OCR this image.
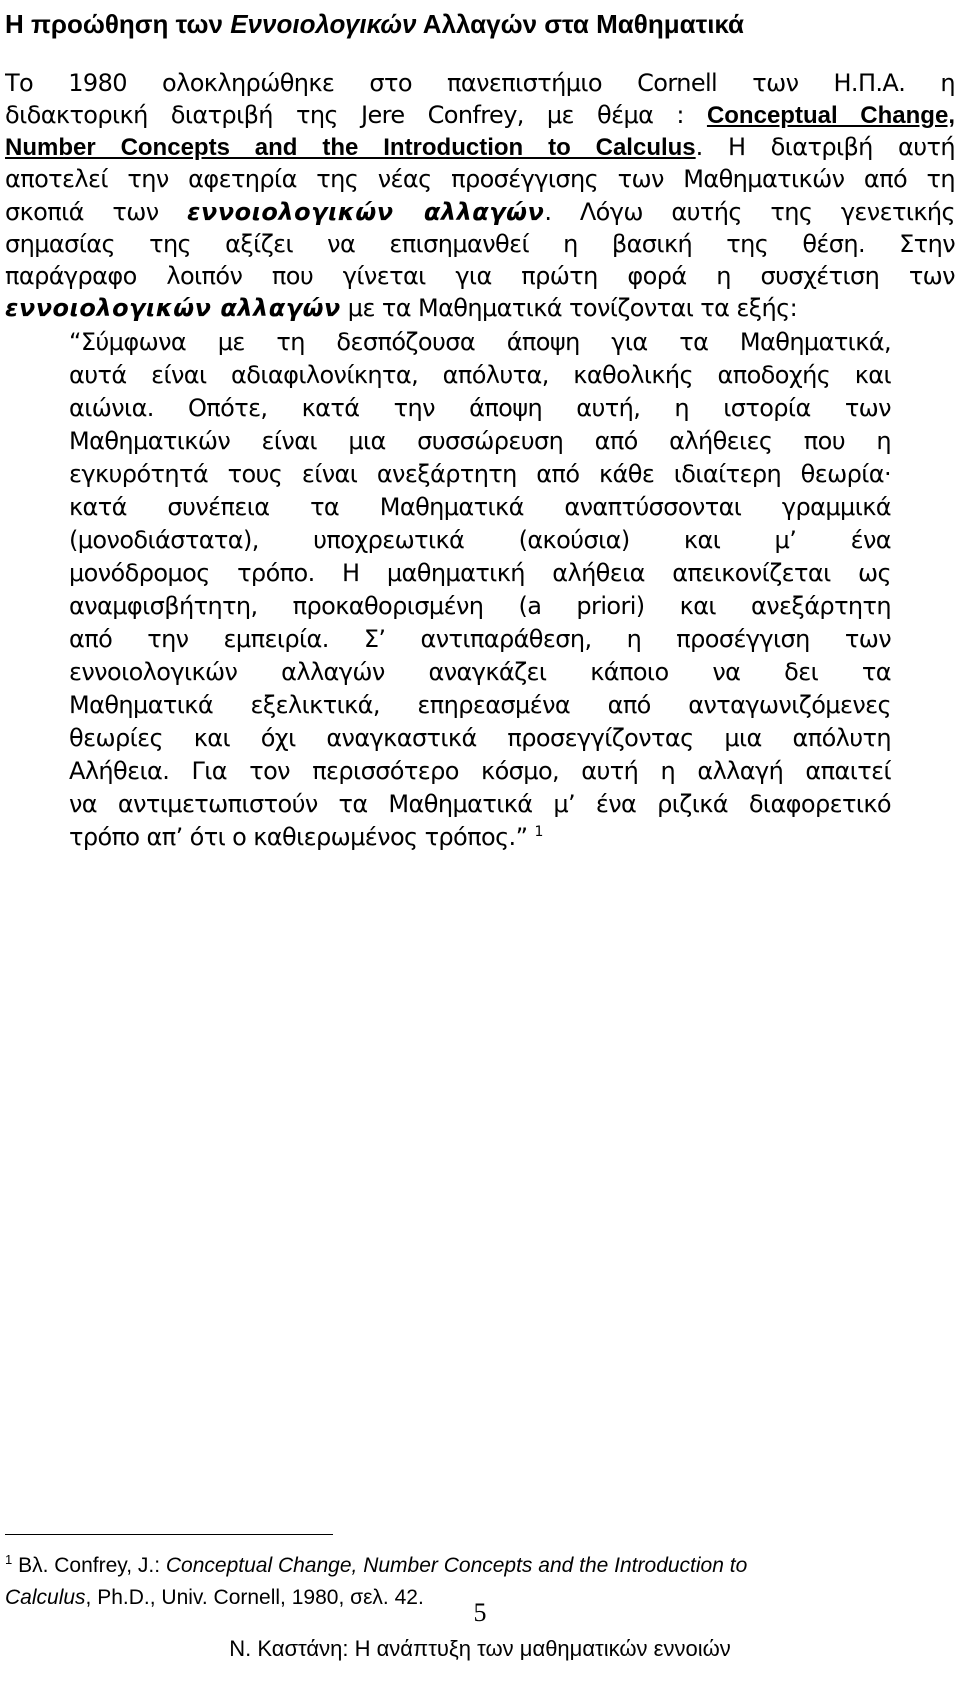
Η προώθηση των Εννοιολογικών Αλλαγών στα Μαθηματικά
Το 1980 ολοκληρώθηκε στο πανεπιστήμιο Cornell των Η.Π.Α. η
διδακτορική διατριβή της Jere Confrey, με θέμα : Conceptual Change,
Number Concepts and the Introduction to Calculus. Η διατριβή αυτή
αποτελεί την αφετηρία της νέας προσέγγισης των Μαθηματικών από τη
σκοπιά των εννοιολογικών αλλαγών. Λόγω αυτής της γενετικής
σημασίας της αξίζει να επισημανθεί η βασική της θέση. Στην
παράγραφο λοιπόν που γίνεται για πρώτη φορά η συσχέτιση των
εννοιολογικών αλλαγών με τα Μαθηματικά τονίζονται τα εξής:
“Σύμφωνα με τη δεσπόζουσα άποψη για τα Μαθηματικά,
αυτά είναι αδιαφιλονίκητα, απόλυτα, καθολικής αποδοχής και
αιώνια. Οπότε, κατά την άποψη αυτή, η ιστορία των
Μαθηματικών είναι μια συσσώρευση από αλήθειες που η
εγκυρότητά τους είναι ανεξάρτητη από κάθε ιδιαίτερη θεωρία·
κατά συνέπεια τα Μαθηματικά αναπτύσσονται γραμμικά
(μονοδιάστατα), υποχρεωτικά (ακούσια) και μ’ ένα
μονόδρομος τρόπο. Η μαθηματική αλήθεια απεικονίζεται ως
αναμφισβήτητη, προκαθορισμένη (a priori) και ανεξάρτητη
από την εμπειρία. Σ’ αντιπαράθεση, η προσέγγιση των
εννοιολογικών αλλαγών αναγκάζει κάποιο να δει τα
Μαθηματικά εξελικτικά, επηρεασμένα από ανταγωνιζόμενες
θεωρίες και όχι αναγκαστικά προσεγγίζοντας μια απόλυτη
Αλήθεια. Για τον περισσότερο κόσμο, αυτή η αλλαγή απαιτεί
να αντιμετωπιστούν τα Μαθηματικά μ’ ένα ριζικά διαφορετικό
τρόπο απ’ ότι ο καθιερωμένος τρόπος.” $^1$
$^1$ Βλ. Confrey, J.: Conceptual Change, Number Concepts and the Introduction to
Calculus, Ph.D., Univ. Cornell, 1980, σελ. 42.
5
Ν. Καστάνη: Η ανάπτυξη των μαθηματικών εννοιών
